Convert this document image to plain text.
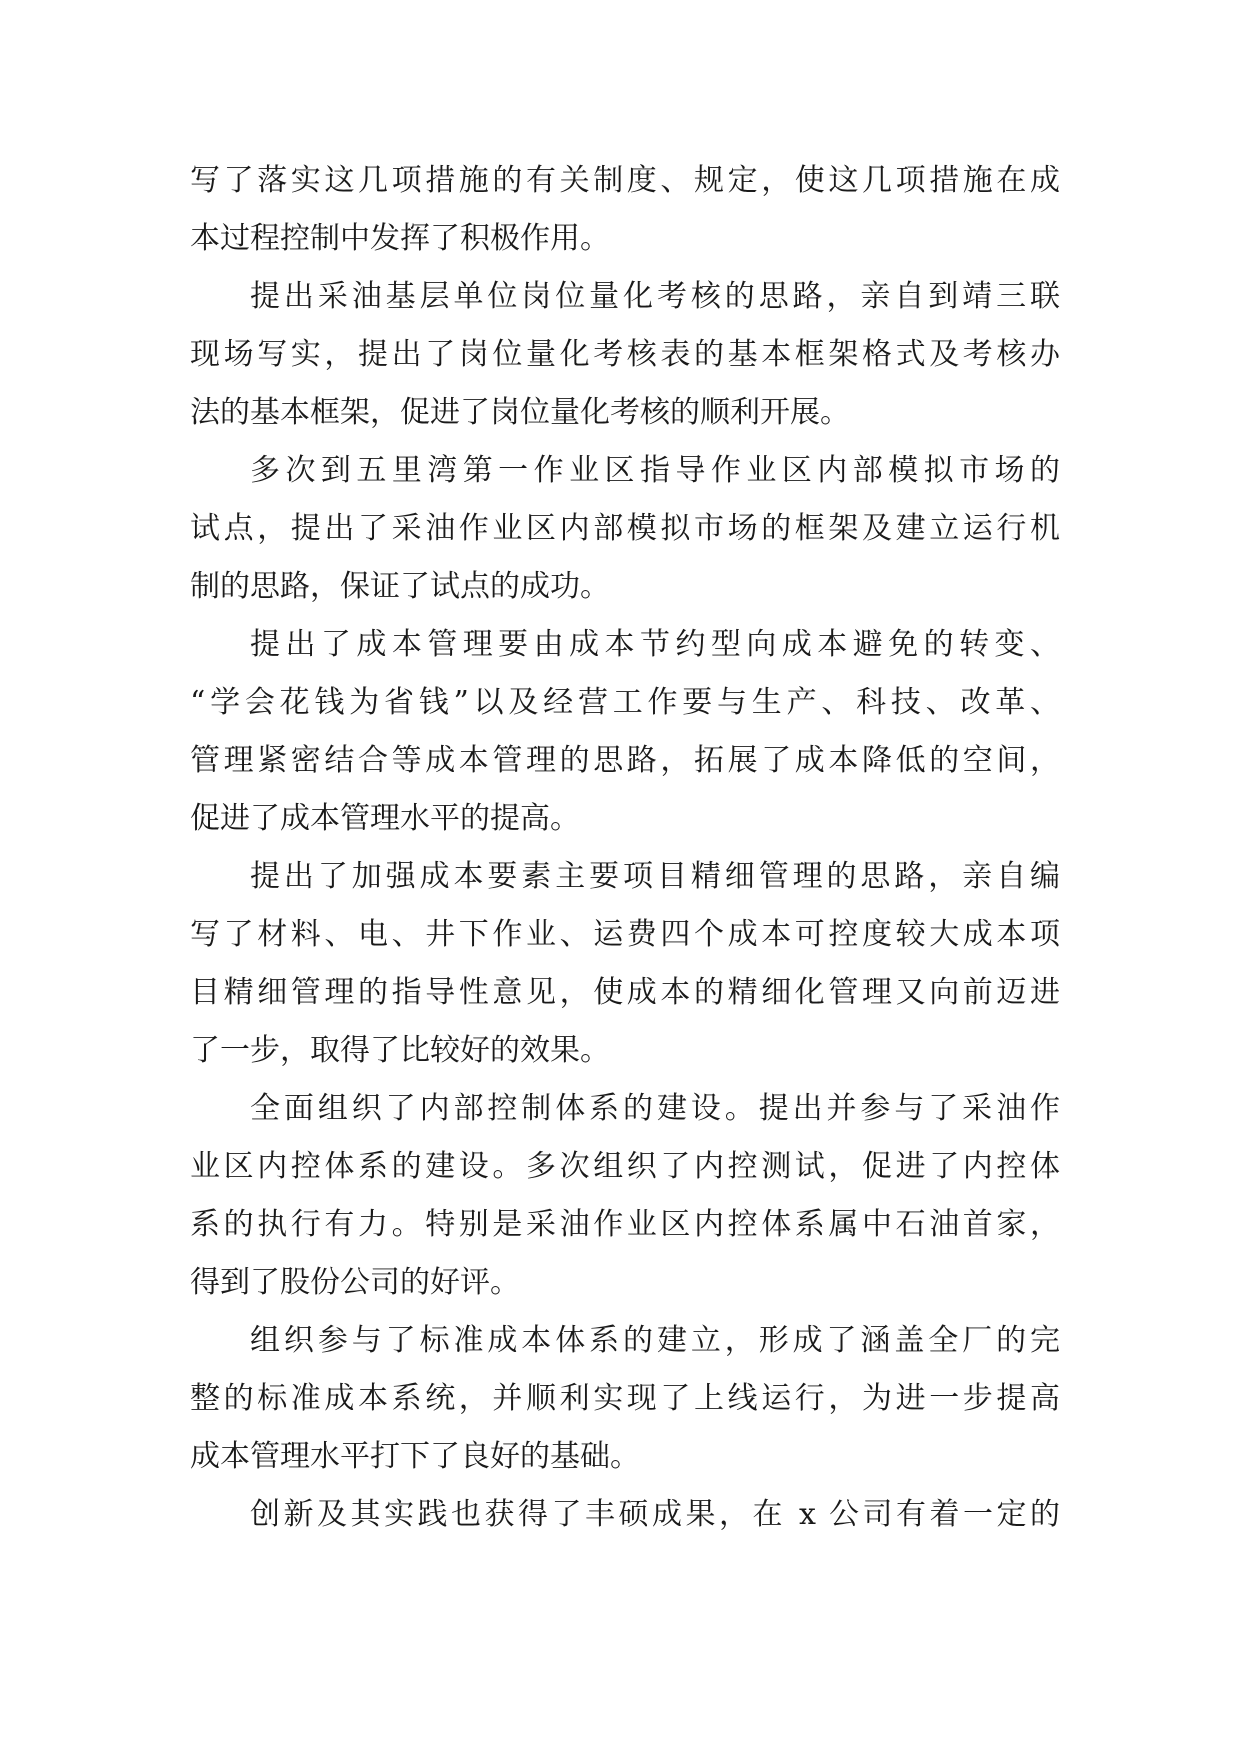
写了落实这几项措施的有关制度、规定，使这几项措施在成
本过程控制中发挥了积极作用。
提出采油基层单位岗位量化考核的思路，亲自到靖三联
现场写实，提出了岗位量化考核表的基本框架格式及考核办
法的基本框架，促进了岗位量化考核的顺利开展。
多次到五里湾第一作业区指导作业区内部模拟市场的
试点，提出了采油作业区内部模拟市场的框架及建立运行机
制的思路，保证了试点的成功。
提出了成本管理要由成本节约型向成本避免的转变、
“学会花钱为省钱”以及经营工作要与生产、科技、改革、
管理紧密结合等成本管理的思路，拓展了成本降低的空间，
促进了成本管理水平的提高。
提出了加强成本要素主要项目精细管理的思路，亲自编
写了材料、电、井下作业、运费四个成本可控度较大成本项
目精细管理的指导性意见，使成本的精细化管理又向前迈进
了一步，取得了比较好的效果。
全面组织了内部控制体系的建设。提出并参与了采油作
业区内控体系的建设。多次组织了内控测试，促进了内控体
系的执行有力。特别是采油作业区内控体系属中石油首家，
得到了股份公司的好评。
组织参与了标准成本体系的建立，形成了涵盖全厂的完
整的标准成本系统，并顺利实现了上线运行，为进一步提高
成本管理水平打下了良好的基础。
创新及其实践也获得了丰硕成果，在 x 公司有着一定的
